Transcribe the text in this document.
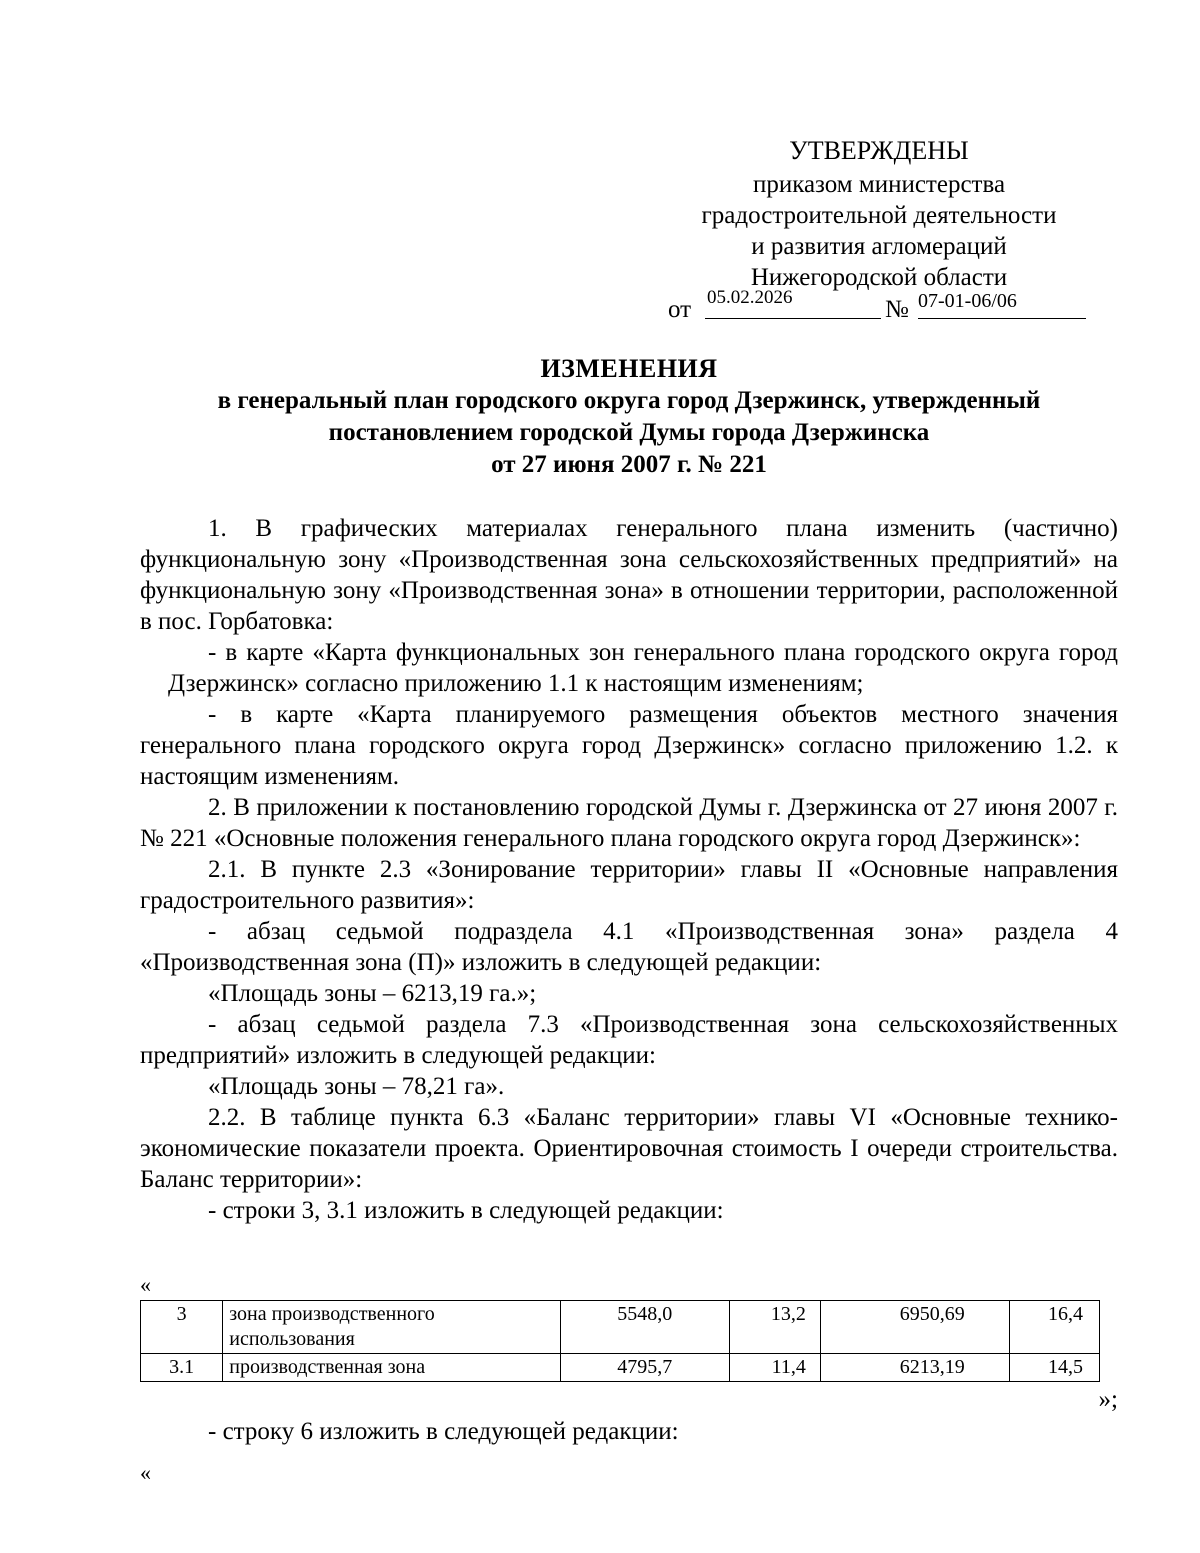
УТВЕРЖДЕНЫ
приказом министерства
градостроительной деятельности
и развития агломераций
Нижегородской области
от 05.02.2026	№ 07-01-06/06
ИЗМЕНЕНИЯ
в генеральный план городского округа город Дзержинск, утвержденный
постановлением городской Думы города Дзержинска
от 27 июня 2007 г. № 221

1. В графических материалах генерального плана изменить (частично) функциональную зону «Производственная зона сельскохозяйственных предприятий» на функциональную зону «Производственная зона» в отношении территории, расположенной в пос. Горбатовка:

- в карте «Карта функциональных зон генерального плана городского округа город Дзержинск» согласно приложению 1.1 к настоящим изменениям;

- в карте «Карта планируемого размещения объектов местного значения генерального плана городского округа город Дзержинск» согласно приложению 1.2. к настоящим изменениям.

2. В приложении к постановлению городской Думы г. Дзержинска от 27 июня 2007 г. № 221 «Основные положения генерального плана городского округа город Дзержинск»:

2.1. В пункте 2.3 «Зонирование территории» главы II «Основные направления градостроительного развития»:

- абзац седьмой подраздела 4.1 «Производственная зона» раздела 4 «Производственная зона (П)» изложить в следующей редакции:

«Площадь зоны – 6213,19 га.»;

- абзац седьмой раздела 7.3 «Производственная зона сельскохозяйственных предприятий» изложить в следующей редакции:

«Площадь зоны – 78,21 га».

2.2. В таблице пункта 6.3 «Баланс территории» главы VI «Основные технико-экономические показатели проекта. Ориентировочная стоимость I очереди строительства. Баланс территории»:

- строки 3, 3.1 изложить в следующей редакции:

«
3	зона производственного использования	5548,0	13,2	6950,69	16,4
3.1	производственная зона	4795,7	11,4	6213,19	14,5
»;
- строку 6 изложить в следующей редакции:
«
